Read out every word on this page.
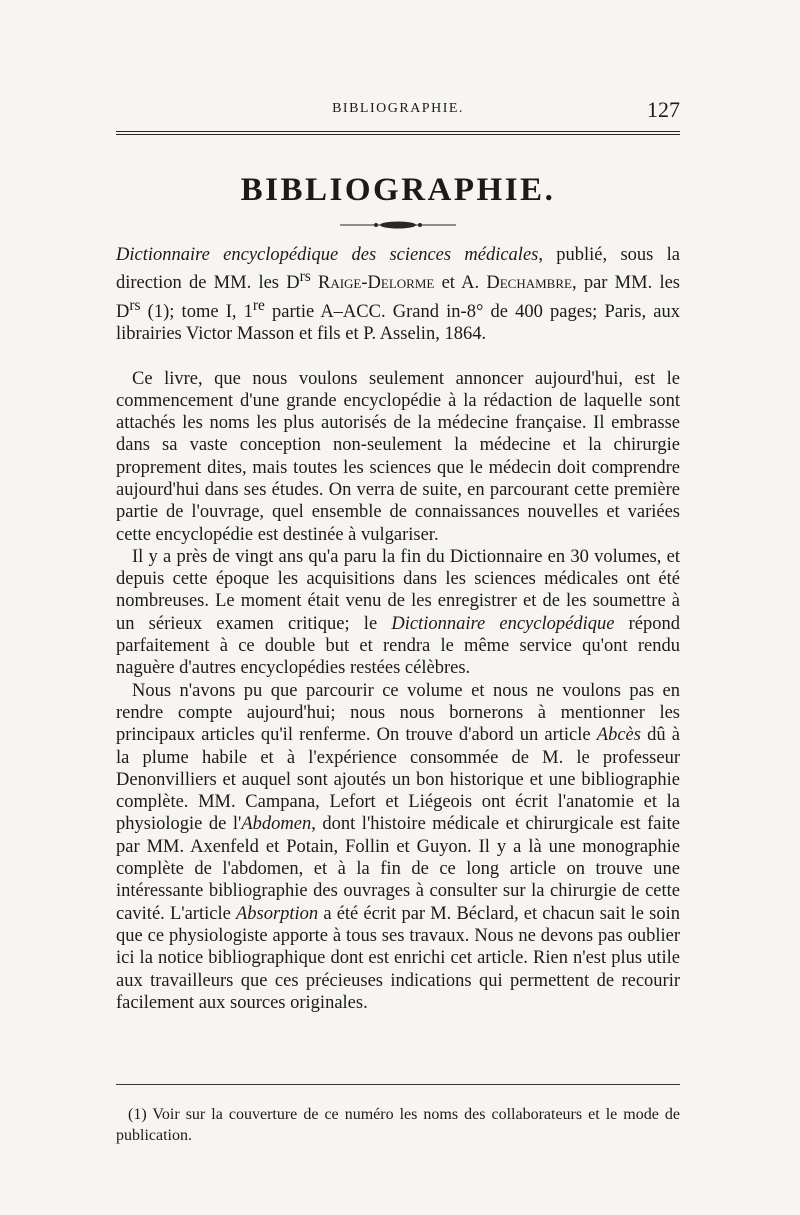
BIBLIOGRAPHIE.	127
BIBLIOGRAPHIE.

Dictionnaire encyclopédique des sciences médicales, publié, sous la direction de MM. les $D^{rs}$ Raige-Delorme et A. Dechambre, par MM. les $D^{rs}$ (1); tome I, 1re partie A–ACC. Grand in-8° de 400 pages; Paris, aux librairies Victor Masson et fils et P. Asselin, 1864.

Ce livre, que nous voulons seulement annoncer aujourd'hui, est le commencement d'une grande encyclopédie à la rédaction de laquelle sont attachés les noms les plus autorisés de la médecine française. Il embrasse dans sa vaste conception non-seulement la médecine et la chirurgie proprement dites, mais toutes les sciences que le médecin doit comprendre aujourd'hui dans ses études. On verra de suite, en parcourant cette première partie de l'ouvrage, quel ensemble de connaissances nouvelles et variées cette encyclopédie est destinée à vulgariser.

Il y a près de vingt ans qu'a paru la fin du Dictionnaire en 30 volumes, et depuis cette époque les acquisitions dans les sciences médicales ont été nombreuses. Le moment était venu de les enregistrer et de les soumettre à un sérieux examen critique; le Dictionnaire encyclopédique répond parfaitement à ce double but et rendra le même service qu'ont rendu naguère d'autres encyclopédies restées célèbres.

Nous n'avons pu que parcourir ce volume et nous ne voulons pas en rendre compte aujourd'hui; nous nous bornerons à mentionner les principaux articles qu'il renferme. On trouve d'abord un article Abcès dû à la plume habile et à l'expérience consommée de M. le professeur Denonvilliers et auquel sont ajoutés un bon historique et une bibliographie complète. MM. Campana, Lefort et Liégeois ont écrit l'anatomie et la physiologie de l'Abdomen, dont l'histoire médicale et chirurgicale est faite par MM. Axenfeld et Potain, Follin et Guyon. Il y a là une monographie complète de l'abdomen, et à la fin de ce long article on trouve une intéressante bibliographie des ouvrages à consulter sur la chirurgie de cette cavité. L'article Absorption a été écrit par M. Béclard, et chacun sait le soin que ce physiologiste apporte à tous ses travaux. Nous ne devons pas oublier ici la notice bibliographique dont est enrichi cet article. Rien n'est plus utile aux travailleurs que ces précieuses indications qui permettent de recourir facilement aux sources originales.

(1) Voir sur la couverture de ce numéro les noms des collaborateurs et le mode de publication.
